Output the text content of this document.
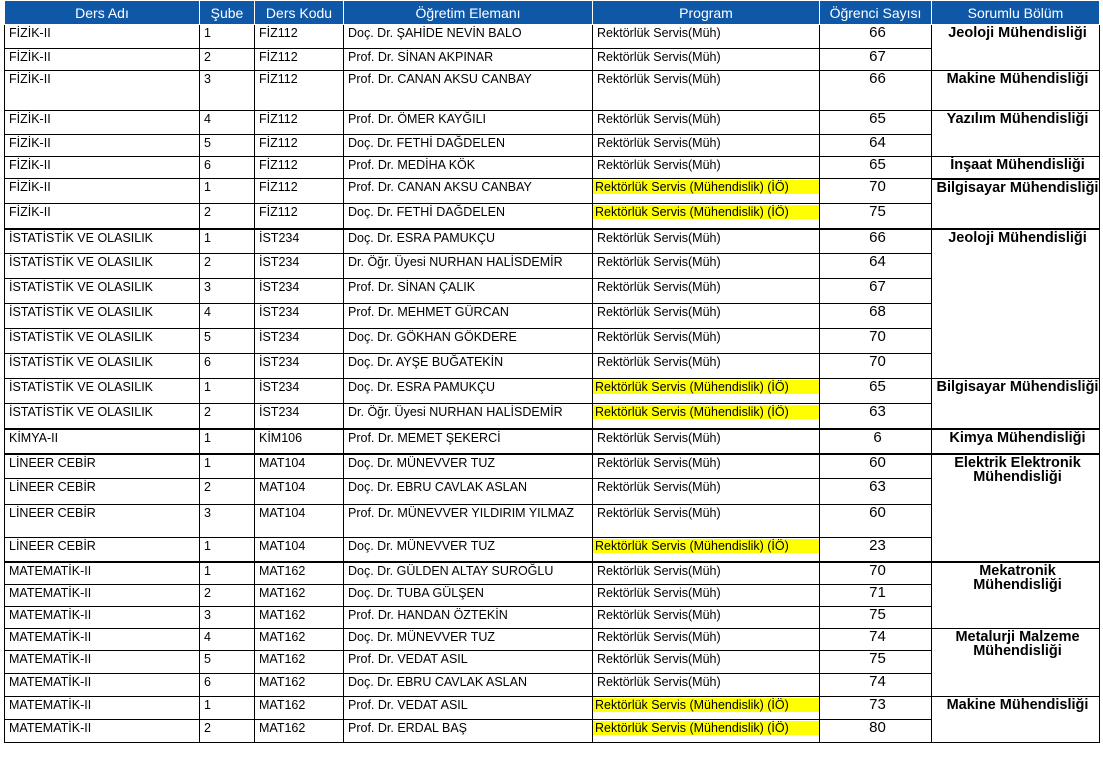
Ders Adı	Şube	Ders Kodu	Öğretim Elemanı	Program	Öğrenci Sayısı	Sorumlu Bölüm
FİZİK-II	1	FİZ112	Doç. Dr. ŞAHİDE NEVİN BALO	Rektörlük Servis(Müh)	66	Jeoloji Mühendisliği
FİZİK-II	2	FİZ112	Prof. Dr. SİNAN AKPINAR	Rektörlük Servis(Müh)	67	
FİZİK-II	3	FİZ112	Prof. Dr. CANAN AKSU CANBAY	Rektörlük Servis(Müh)	66	Makine Mühendisliği
FİZİK-II	4	FİZ112	Prof. Dr. ÖMER KAYĞILI	Rektörlük Servis(Müh)	65	Yazılım Mühendisliği
FİZİK-II	5	FİZ112	Doç. Dr. FETHİ DAĞDELEN	Rektörlük Servis(Müh)	64	
FİZİK-II	6	FİZ112	Prof. Dr. MEDİHA KÖK	Rektörlük Servis(Müh)	65	İnşaat Mühendisliği
FİZİK-II	1	FİZ112	Prof. Dr. CANAN AKSU CANBAY	Rektörlük Servis (Mühendislik) (İÖ)	70	Bilgisayar Mühendisliği
FİZİK-II	2	FİZ112	Doç. Dr. FETHİ DAĞDELEN	Rektörlük Servis (Mühendislik) (İÖ)	75	
İSTATİSTİK VE OLASILIK	1	İST234	Doç. Dr. ESRA PAMUKÇU	Rektörlük Servis(Müh)	66	Jeoloji Mühendisliği
İSTATİSTİK VE OLASILIK	2	İST234	Dr. Öğr. Üyesi NURHAN HALİSDEMİR	Rektörlük Servis(Müh)	64	
İSTATİSTİK VE OLASILIK	3	İST234	Prof. Dr. SİNAN ÇALIK	Rektörlük Servis(Müh)	67	
İSTATİSTİK VE OLASILIK	4	İST234	Prof. Dr. MEHMET GÜRCAN	Rektörlük Servis(Müh)	68	
İSTATİSTİK VE OLASILIK	5	İST234	Doç. Dr. GÖKHAN GÖKDERE	Rektörlük Servis(Müh)	70	
İSTATİSTİK VE OLASILIK	6	İST234	Doç. Dr. AYŞE BUĞATEKİN	Rektörlük Servis(Müh)	70	
İSTATİSTİK VE OLASILIK	1	İST234	Doç. Dr. ESRA PAMUKÇU	Rektörlük Servis (Mühendislik) (İÖ)	65	Bilgisayar Mühendisliği
İSTATİSTİK VE OLASILIK	2	İST234	Dr. Öğr. Üyesi NURHAN HALİSDEMİR	Rektörlük Servis (Mühendislik) (İÖ)	63	
KİMYA-II	1	KİM106	Prof. Dr. MEMET ŞEKERCİ	Rektörlük Servis(Müh)	6	Kimya Mühendisliği
LİNEER CEBİR	1	MAT104	Doç. Dr. MÜNEVVER TUZ	Rektörlük Servis(Müh)	60	Elektrik Elektronik Mühendisliği
LİNEER CEBİR	2	MAT104	Doç. Dr. EBRU CAVLAK ASLAN	Rektörlük Servis(Müh)	63	
LİNEER CEBİR	3	MAT104	Prof. Dr. MÜNEVVER YILDIRIM YILMAZ	Rektörlük Servis(Müh)	60	
LİNEER CEBİR	1	MAT104	Doç. Dr. MÜNEVVER TUZ	Rektörlük Servis (Mühendislik) (İÖ)	23	
MATEMATİK-II	1	MAT162	Doç. Dr. GÜLDEN ALTAY SUROĞLU	Rektörlük Servis(Müh)	70	Mekatronik Mühendisliği
MATEMATİK-II	2	MAT162	Doç. Dr. TUBA GÜLŞEN	Rektörlük Servis(Müh)	71	
MATEMATİK-II	3	MAT162	Prof. Dr. HANDAN ÖZTEKİN	Rektörlük Servis(Müh)	75	
MATEMATİK-II	4	MAT162	Doç. Dr. MÜNEVVER TUZ	Rektörlük Servis(Müh)	74	Metalurji Malzeme Mühendisliği
MATEMATİK-II	5	MAT162	Prof. Dr. VEDAT ASIL	Rektörlük Servis(Müh)	75	
MATEMATİK-II	6	MAT162	Doç. Dr. EBRU CAVLAK ASLAN	Rektörlük Servis(Müh)	74	
MATEMATİK-II	1	MAT162	Prof. Dr. VEDAT ASIL	Rektörlük Servis (Mühendislik) (İÖ)	73	Makine Mühendisliği
MATEMATİK-II	2	MAT162	Prof. Dr. ERDAL BAŞ	Rektörlük Servis (Mühendislik) (İÖ)	80	
